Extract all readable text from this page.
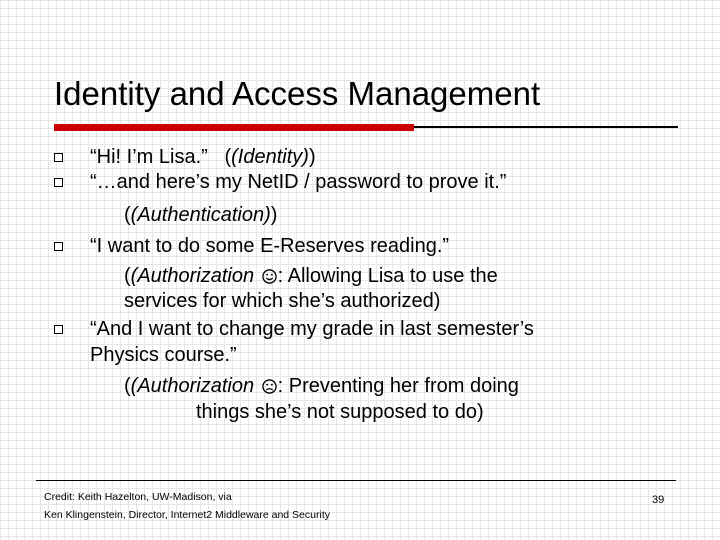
Identity and Access Management
“Hi! I’m Lisa.”   ((Identity))
“…and here’s my NetID / password to prove it.”
((Authentication))
“I want to do some E-Reserves reading.”
((Authorization : Allowing Lisa to use the
services for which she’s authorized)
“And I want to change my grade in last semester’s
Physics course.”
((Authorization : Preventing her from doing
things she’s not supposed to do)
Credit: Keith Hazelton, UW-Madison, via
Ken Klingenstein, Director, Internet2 Middleware and Security
39
